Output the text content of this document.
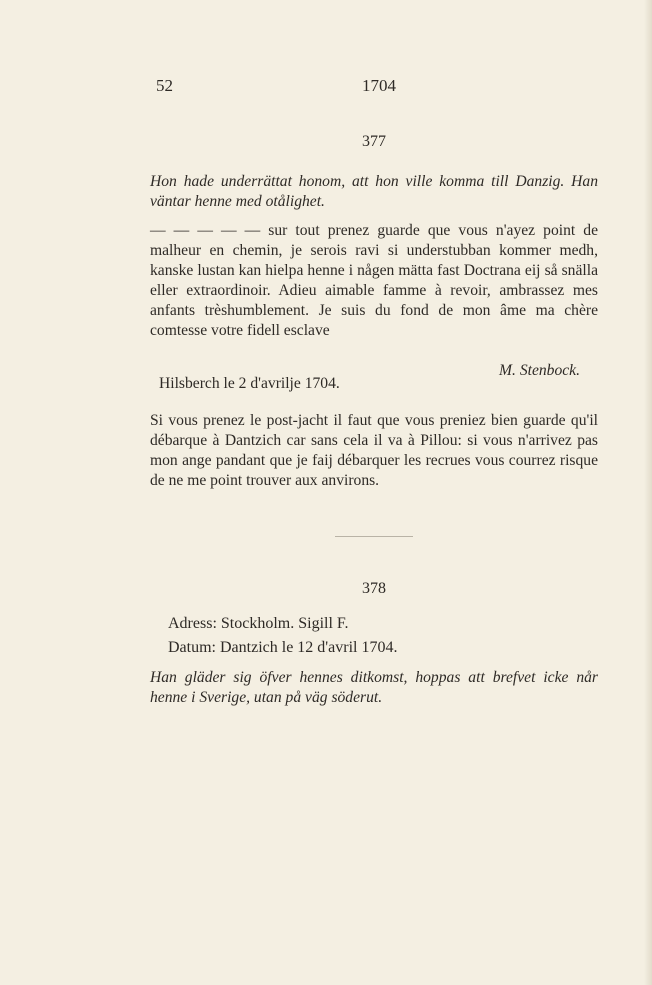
52	1704
377

Hon hade underrättat honom, att hon ville komma till Danzig. Han väntar henne med otålighet.

— — — — — sur tout prenez guarde que vous n'ayez point de malheur en chemin, je serois ravi si understubban kommer medh, kanske lustan kan hielpa henne i någen mätta fast Doctrana eij så snälla eller extraordinoir. Adieu aimable famme à revoir, ambrassez mes anfants trèshumblement. Je suis du fond de mon âme ma chère comtesse votre fidell esclave

M. Stenbock.

Hilsberch le 2 d'avrilje 1704.

Si vous prenez le post-jacht il faut que vous preniez bien guarde qu'il débarque à Dantzich car sans cela il va à Pillou: si vous n'arrivez pas mon ange pandant que je faij débarquer les recrues vous courrez risque de ne me point trouver aux anvirons.

378
Adress: Stockholm. Sigill F.
Datum: Dantzich le 12 d'avril 1704.

Han gläder sig öfver hennes ditkomst, hoppas att brefvet icke når henne i Sverige, utan på väg söderut.
